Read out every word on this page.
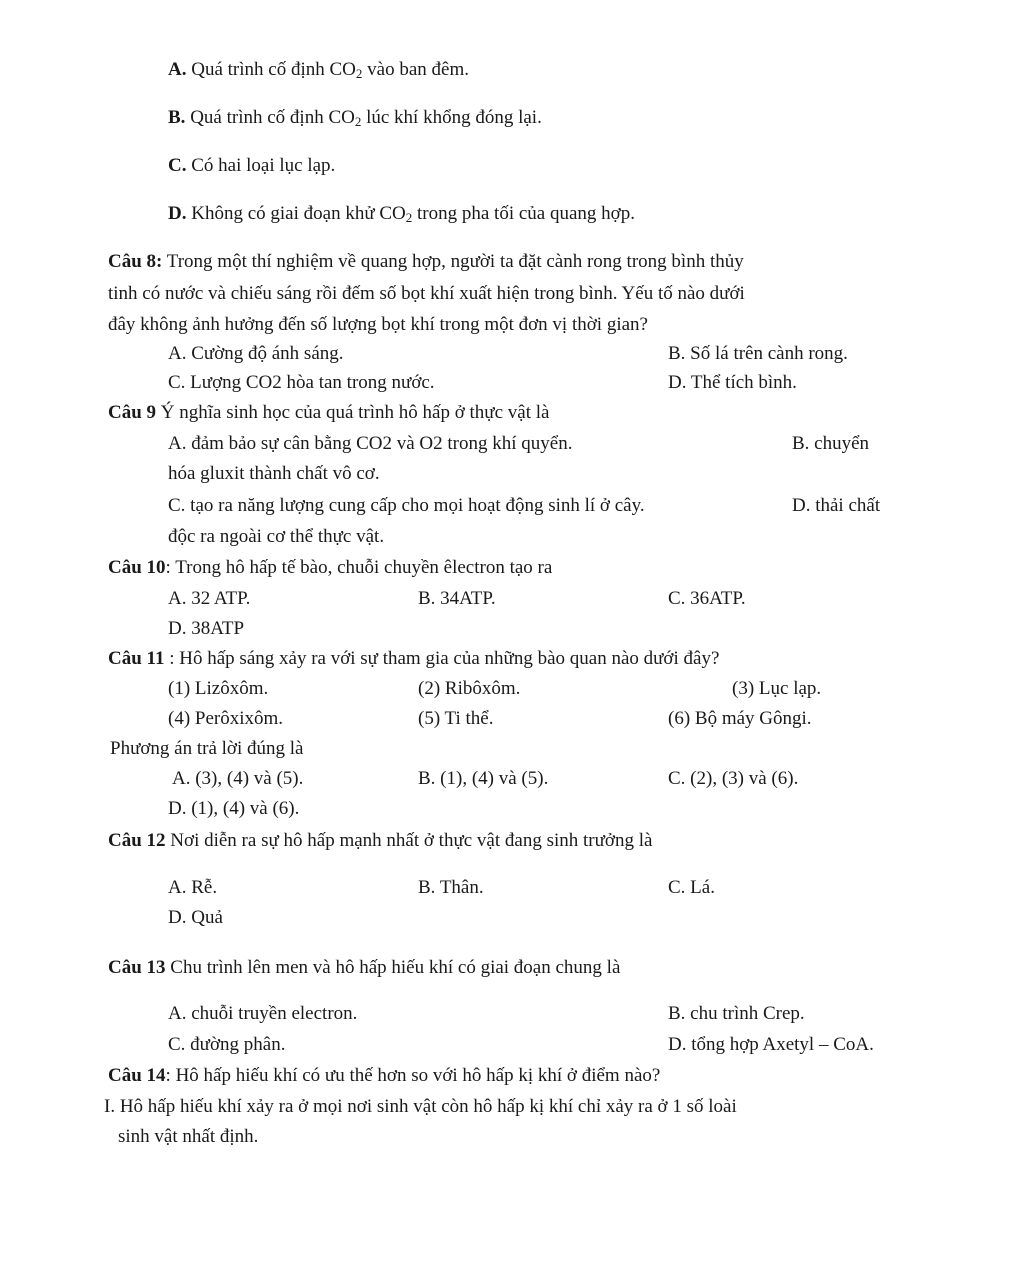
A. Quá trình cố định $CO_2$ vào ban đêm.
B. Quá trình cố định $CO_2$ lúc khí khổng đóng lại.
C. Có hai loại lục lạp.
D. Không có giai đoạn khử $CO_2$ trong pha tối của quang hợp.
Câu 8: Trong một thí nghiệm về quang hợp, người ta đặt cành rong trong bình thủy
tinh có nước và chiếu sáng rồi đếm số bọt khí xuất hiện trong bình. Yếu tố nào dưới
đây không ảnh hưởng đến số lượng bọt khí trong một đơn vị thời gian?
A. Cường độ ánh sáng.	B. Số lá trên cành rong.
C. Lượng CO2 hòa tan trong nước.	D. Thể tích bình.
Câu 9 Ý nghĩa sinh học của quá trình hô hấp ở thực vật là
A. đảm bảo sự cân bằng CO2 và O2 trong khí quyển.	B. chuyển
hóa gluxit thành chất vô cơ.
C. tạo ra năng lượng cung cấp cho mọi hoạt động sinh lí ở cây.	D. thải chất
độc ra ngoài cơ thể thực vật.
Câu 10: Trong hô hấp tế bào, chuỗi chuyền êlectron tạo ra
A. 32 ATP.	B. 34ATP.	C. 36ATP.
D. 38ATP
Câu 11 : Hô hấp sáng xảy ra với sự tham gia của những bào quan nào dưới đây?
(1) Lizôxôm.	(2) Ribôxôm.	(3) Lục lạp.
(4) Perôxixôm.	(5) Ti thể.	(6) Bộ máy Gôngi.
Phương án trả lời đúng là
A. (3), (4) và (5).	B. (1), (4) và (5).	C. (2), (3) và (6).
D. (1), (4) và (6).
Câu 12 Nơi diễn ra sự hô hấp mạnh nhất ở thực vật đang sinh trưởng là
A. Rễ.	B. Thân.	C. Lá.
D. Quả
Câu 13 Chu trình lên men và hô hấp hiếu khí có giai đoạn chung là
A. chuỗi truyền electron.	B. chu trình Crep.
C. đường phân.	D. tổng hợp Axetyl – CoA.
Câu 14: Hô hấp hiếu khí có ưu thế hơn so với hô hấp kị khí ở điểm nào?
I. Hô hấp hiếu khí xảy ra ở mọi nơi sinh vật còn hô hấp kị khí chỉ xảy ra ở 1 số loài
sinh vật nhất định.
